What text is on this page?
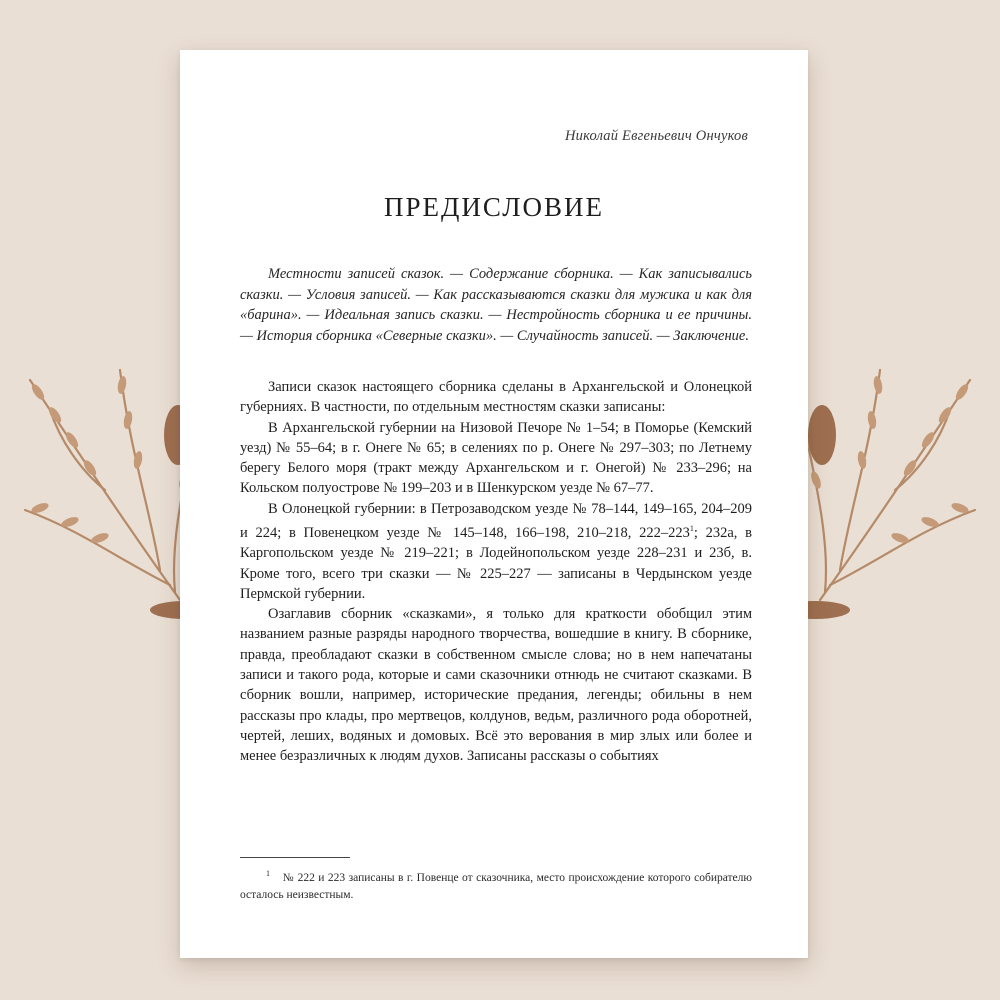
Николай Евгеньевич Ончуков
ПРЕДИСЛОВИЕ

Местности записей сказок. — Содержание сборника. — Как записывались сказки. — Условия записей. — Как рассказываются сказки для мужика и как для «барина». — Идеальная запись сказки. — Нестройность сборника и ее причины. — История сборника «Северные сказки». — Случайность записей. — Заключение.

Записи сказок настоящего сборника сделаны в Архангельской и Олонецкой губерниях. В частности, по отдельным местностям сказки записаны:

В Архангельской губернии на Низовой Печоре № 1–54; в Поморье (Кемский уезд) № 55–64; в г. Онеге № 65; в селениях по р. Онеге № 297–303; по Летнему берегу Белого моря (тракт между Архангельском и г. Онегой) № 233–296; на Кольском полуострове № 199–203 и в Шенкурском уезде № 67–77.

В Олонецкой губернии: в Петрозаводском уезде № 78–144, 149–165, 204–209 и 224; в Повенецком уезде № 145–148, 166–198, 210–218, $222-223^1$; 232а, в Каргопольском уезде № 219–221; в Лодейнопольском уезде 228–231 и 23б, в. Кроме того, всего три сказки — № 225–227 — записаны в Чердынском уезде Пермской губернии.

Озаглавив сборник «сказками», я только для краткости обобщил этим названием разные разряды народного творчества, вошедшие в книгу. В сборнике, правда, преобладают сказки в собственном смысле слова; но в нем напечатаны записи и такого рода, которые и сами сказочники отнюдь не считают сказками. В сборник вошли, например, исторические предания, легенды; обильны в нем рассказы про клады, про мертвецов, колдунов, ведьм, различного рода оборотней, чертей, леших, водяных и домовых. Всё это верования в мир злых или более и менее безразличных к людям духов. Записаны рассказы о событиях

$^1$ № 222 и 223 записаны в г. Повенце от сказочника, место происхождение которого собирателю осталось неизвестным.
